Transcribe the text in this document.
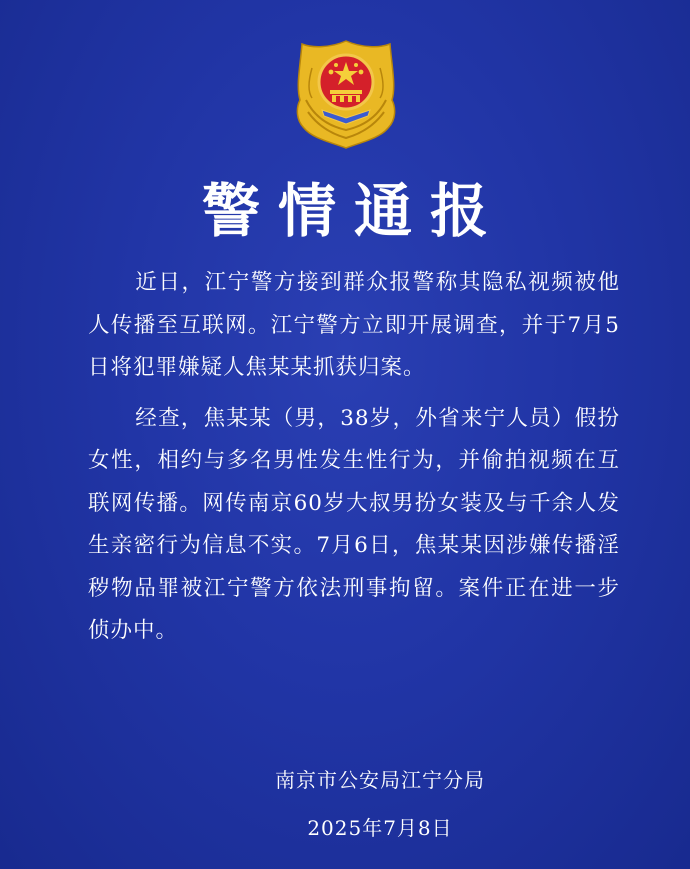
警情通报

近日，江宁警方接到群众报警称其隐私视频被他人传播至互联网。江宁警方立即开展调查，并于7月5日将犯罪嫌疑人焦某某抓获归案。

经查，焦某某（男，38岁，外省来宁人员）假扮女性，相约与多名男性发生性行为，并偷拍视频在互联网传播。网传南京60岁大叔男扮女装及与千余人发生亲密行为信息不实。7月6日，焦某某因涉嫌传播淫秽物品罪被江宁警方依法刑事拘留。案件正在进一步侦办中。

南京市公安局江宁分局
2025年7月8日
